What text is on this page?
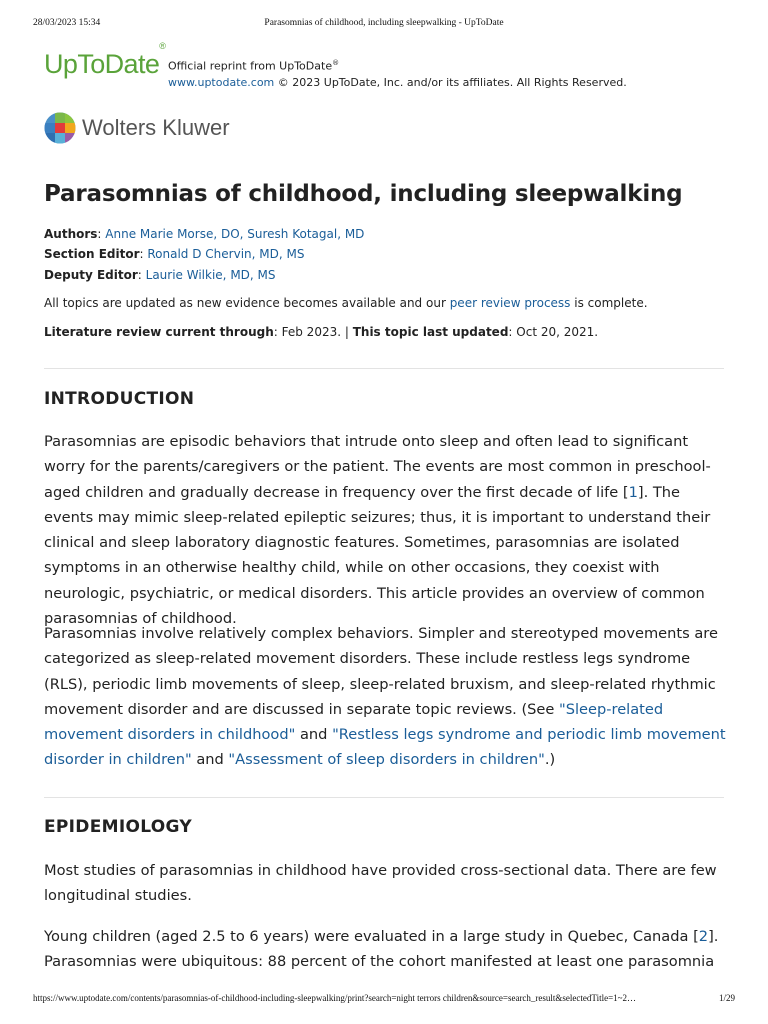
28/03/2023 15:34	Parasomnias of childhood, including sleepwalking - UpToDate
UpToDate®
Official reprint from UpToDate®
www.uptodate.com © 2023 UpToDate, Inc. and/or its affiliates. All Rights Reserved.
Wolters Kluwer
Parasomnias of childhood, including sleepwalking
Authors: Anne Marie Morse, DO, Suresh Kotagal, MD
Section Editor: Ronald D Chervin, MD, MS
Deputy Editor: Laurie Wilkie, MD, MS
All topics are updated as new evidence becomes available and our peer review process is complete.
Literature review current through: Feb 2023. | This topic last updated: Oct 20, 2021.
INTRODUCTION

Parasomnias are episodic behaviors that intrude onto sleep and often lead to significant worry for the parents/caregivers or the patient. The events are most common in preschool-aged children and gradually decrease in frequency over the first decade of life [1]. The events may mimic sleep-related epileptic seizures; thus, it is important to understand their clinical and sleep laboratory diagnostic features. Sometimes, parasomnias are isolated symptoms in an otherwise healthy child, while on other occasions, they coexist with neurologic, psychiatric, or medical disorders. This article provides an overview of common parasomnias of childhood.

Parasomnias involve relatively complex behaviors. Simpler and stereotyped movements are categorized as sleep-related movement disorders. These include restless legs syndrome (RLS), periodic limb movements of sleep, sleep-related bruxism, and sleep-related rhythmic movement disorder and are discussed in separate topic reviews. (See "Sleep-related movement disorders in childhood" and "Restless legs syndrome and periodic limb movement disorder in children" and "Assessment of sleep disorders in children".)

EPIDEMIOLOGY

Most studies of parasomnias in childhood have provided cross-sectional data. There are few longitudinal studies.

Young children (aged 2.5 to 6 years) were evaluated in a large study in Quebec, Canada [2]. Parasomnias were ubiquitous: 88 percent of the cohort manifested at least one parasomnia

https://www.uptodate.com/contents/parasomnias-of-childhood-including-sleepwalking/print?search=night terrors children&source=search_result&selectedTitle=1~2…	1/29
